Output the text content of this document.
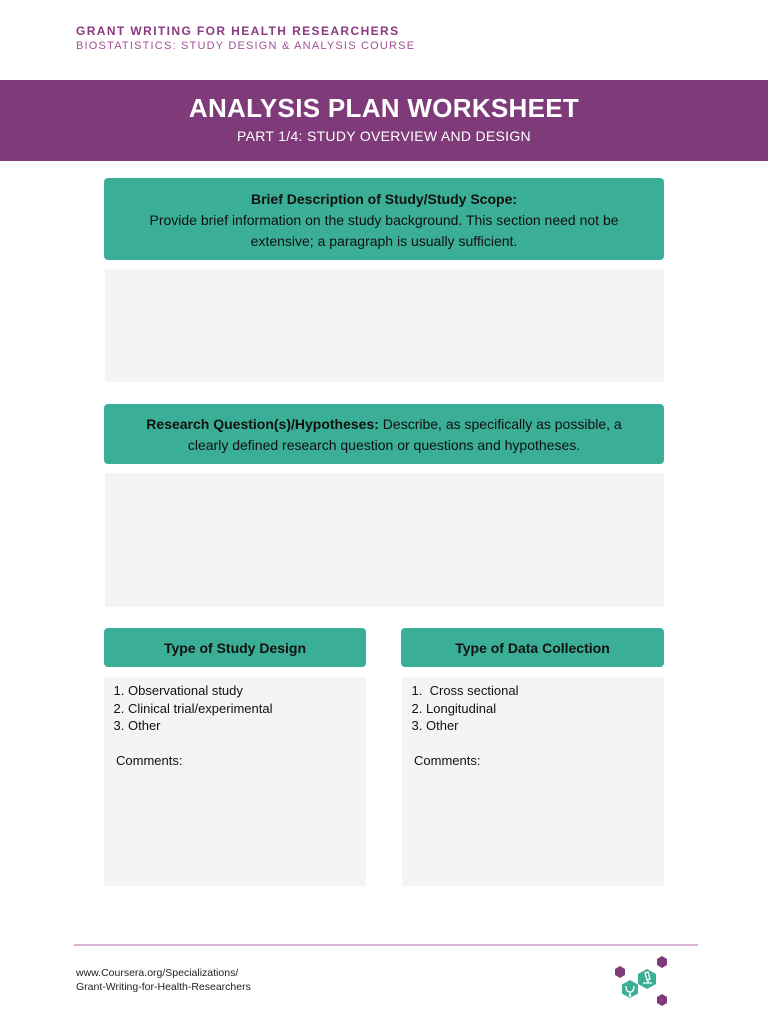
GRANT WRITING FOR HEALTH RESEARCHERS
BIOSTATISTICS: STUDY DESIGN & ANALYSIS COURSE
ANALYSIS PLAN WORKSHEET
PART 1/4: STUDY OVERVIEW AND DESIGN
Brief Description of Study/Study Scope:
Provide brief information on the study background. This section need not be extensive; a paragraph is usually sufficient.
Research Question(s)/Hypotheses: Describe, as specifically as possible, a clearly defined research question or questions and hypotheses.
Type of Study Design
1. Observational study
2. Clinical trial/experimental
3. Other
Comments:
Type of Data Collection
1.  Cross sectional
2. Longitudinal
3. Other
Comments:
www.Coursera.org/Specializations/
Grant-Writing-for-Health-Researchers
